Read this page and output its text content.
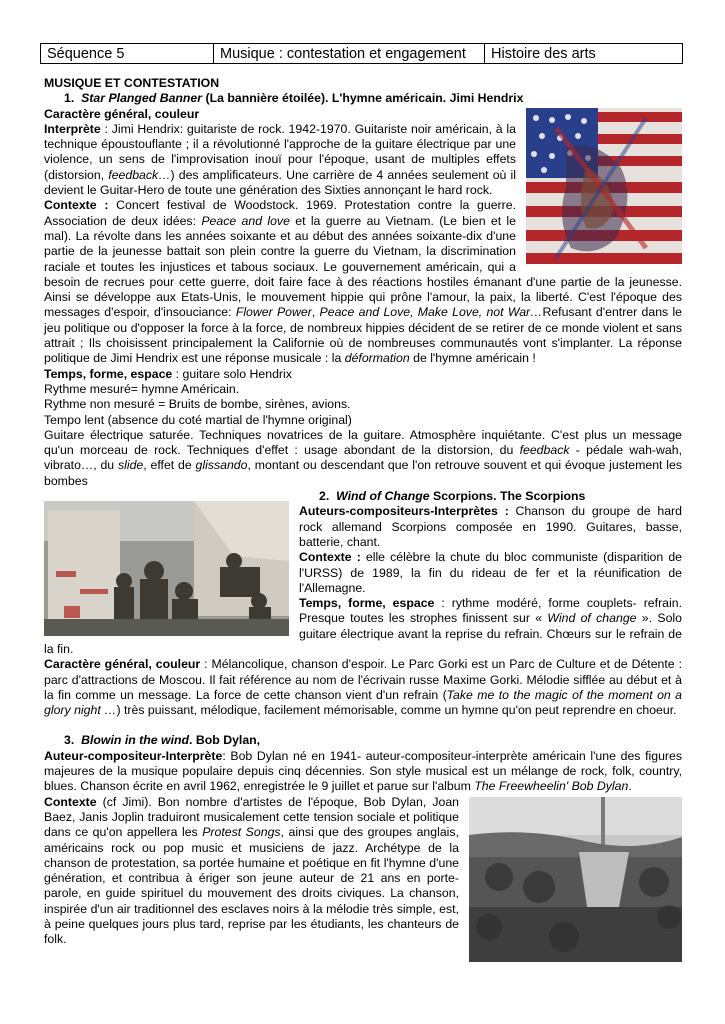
Séquence 5	Musique : contestation et engagement	Histoire des arts

MUSIQUE ET CONTESTATION

1. Star Planged Banner (La bannière étoilée). L'hymne américain. Jimi Hendrix

Caractère général, couleur

Interprète : Jimi Hendrix: guitariste de rock. 1942-1970. Guitariste noir américain, à la technique époustouflante ; il a révolutionné l'approche de la guitare électrique par une violence, un sens de l'improvisation inouï pour l'époque, usant de multiples effets (distorsion, feedback…) des amplificateurs. Une carrière de 4 années seulement où il devient le Guitar-Hero de toute une génération des Sixties annonçant le hard rock.

Contexte : Concert festival de Woodstock. 1969. Protestation contre la guerre. Association de deux idées: Peace and love et la guerre au Vietnam. (Le bien et le mal). La révolte dans les années soixante et au début des années soixante-dix d'une partie de la jeunesse battait son plein contre la guerre du Vietnam, la discrimination raciale et toutes les injustices et tabous sociaux. Le gouvernement américain, qui a besoin de recrues pour cette guerre, doit faire face à des réactions hostiles émanant d'une partie de la jeunesse. Ainsi se développe aux Etats-Unis, le mouvement hippie qui prône l'amour, la paix, la liberté. C'est l'époque des messages d'espoir, d'insouciance: Flower Power, Peace and Love, Make Love, not War…Refusant d'entrer dans le jeu politique ou d'opposer la force à la force, de nombreux hippies décident de se retirer de ce monde violent et sans attrait ; Ils choisissent principalement la Californie où de nombreuses communautés vont s'implanter. La réponse politique de Jimi Hendrix est une réponse musicale : la déformation de l'hymne américain !

Temps, forme, espace : guitare solo Hendrix

Rythme mesuré= hymne Américain.

Rythme non mesuré = Bruits de bombe, sirènes, avions.

Tempo lent (absence du coté martial de l'hymne original)

Guitare électrique saturée. Techniques novatrices de la guitare. Atmosphère inquiétante. C'est plus un message qu'un morceau de rock. Techniques d'effet : usage abondant de la distorsion, du feedback - pédale wah-wah, vibrato…, du slide, effet de glissando, montant ou descendant que l'on retrouve souvent et qui évoque justement les bombes

2. Wind of Change Scorpions. The Scorpions

Auteurs-compositeurs-Interprètes : Chanson du groupe de hard rock allemand Scorpions composée en 1990. Guitares, basse, batterie, chant.

Contexte : elle célèbre la chute du bloc communiste (disparition de l'URSS) de 1989, la fin du rideau de fer et la réunification de l'Allemagne.

Temps, forme, espace : rythme modéré, forme couplets- refrain. Presque toutes les strophes finissent sur « Wind of change ». Solo guitare électrique avant la reprise du refrain. Chœurs sur le refrain de la fin.

Caractère général, couleur : Mélancolique, chanson d'espoir. Le Parc Gorki est un Parc de Culture et de Détente : parc d'attractions de Moscou. Il fait référence au nom de l'écrivain russe Maxime Gorki. Mélodie sifflée au début et à la fin comme un message. La force de cette chanson vient d'un refrain (Take me to the magic of the moment on a glory night …) très puissant, mélodique, facilement mémorisable, comme un hymne qu'on peut reprendre en choeur.

3. Blowin in the wind. Bob Dylan,

Auteur-compositeur-Interprète: Bob Dylan né en 1941- auteur-compositeur-interprète américain l'une des figures majeures de la musique populaire depuis cinq décennies. Son style musical est un mélange de rock, folk, country, blues. Chanson écrite en avril 1962, enregistrée le 9 juillet et parue sur l'album The Freewheelin' Bob Dylan.

Contexte (cf Jimi). Bon nombre d'artistes de l'époque, Bob Dylan, Joan Baez, Janis Joplin traduiront musicalement cette tension sociale et politique dans ce qu'on appellera les Protest Songs, ainsi que des groupes anglais, américains rock ou pop music et musiciens de jazz. Archétype de la chanson de protestation, sa portée humaine et poétique en fit l'hymne d'une génération, et contribua à ériger son jeune auteur de 21 ans en porte-parole, en guide spirituel du mouvement des droits civiques. La chanson, inspirée d'un air traditionnel des esclaves noirs à la mélodie très simple, est, à peine quelques jours plus tard, reprise par les étudiants, les chanteurs de folk.
